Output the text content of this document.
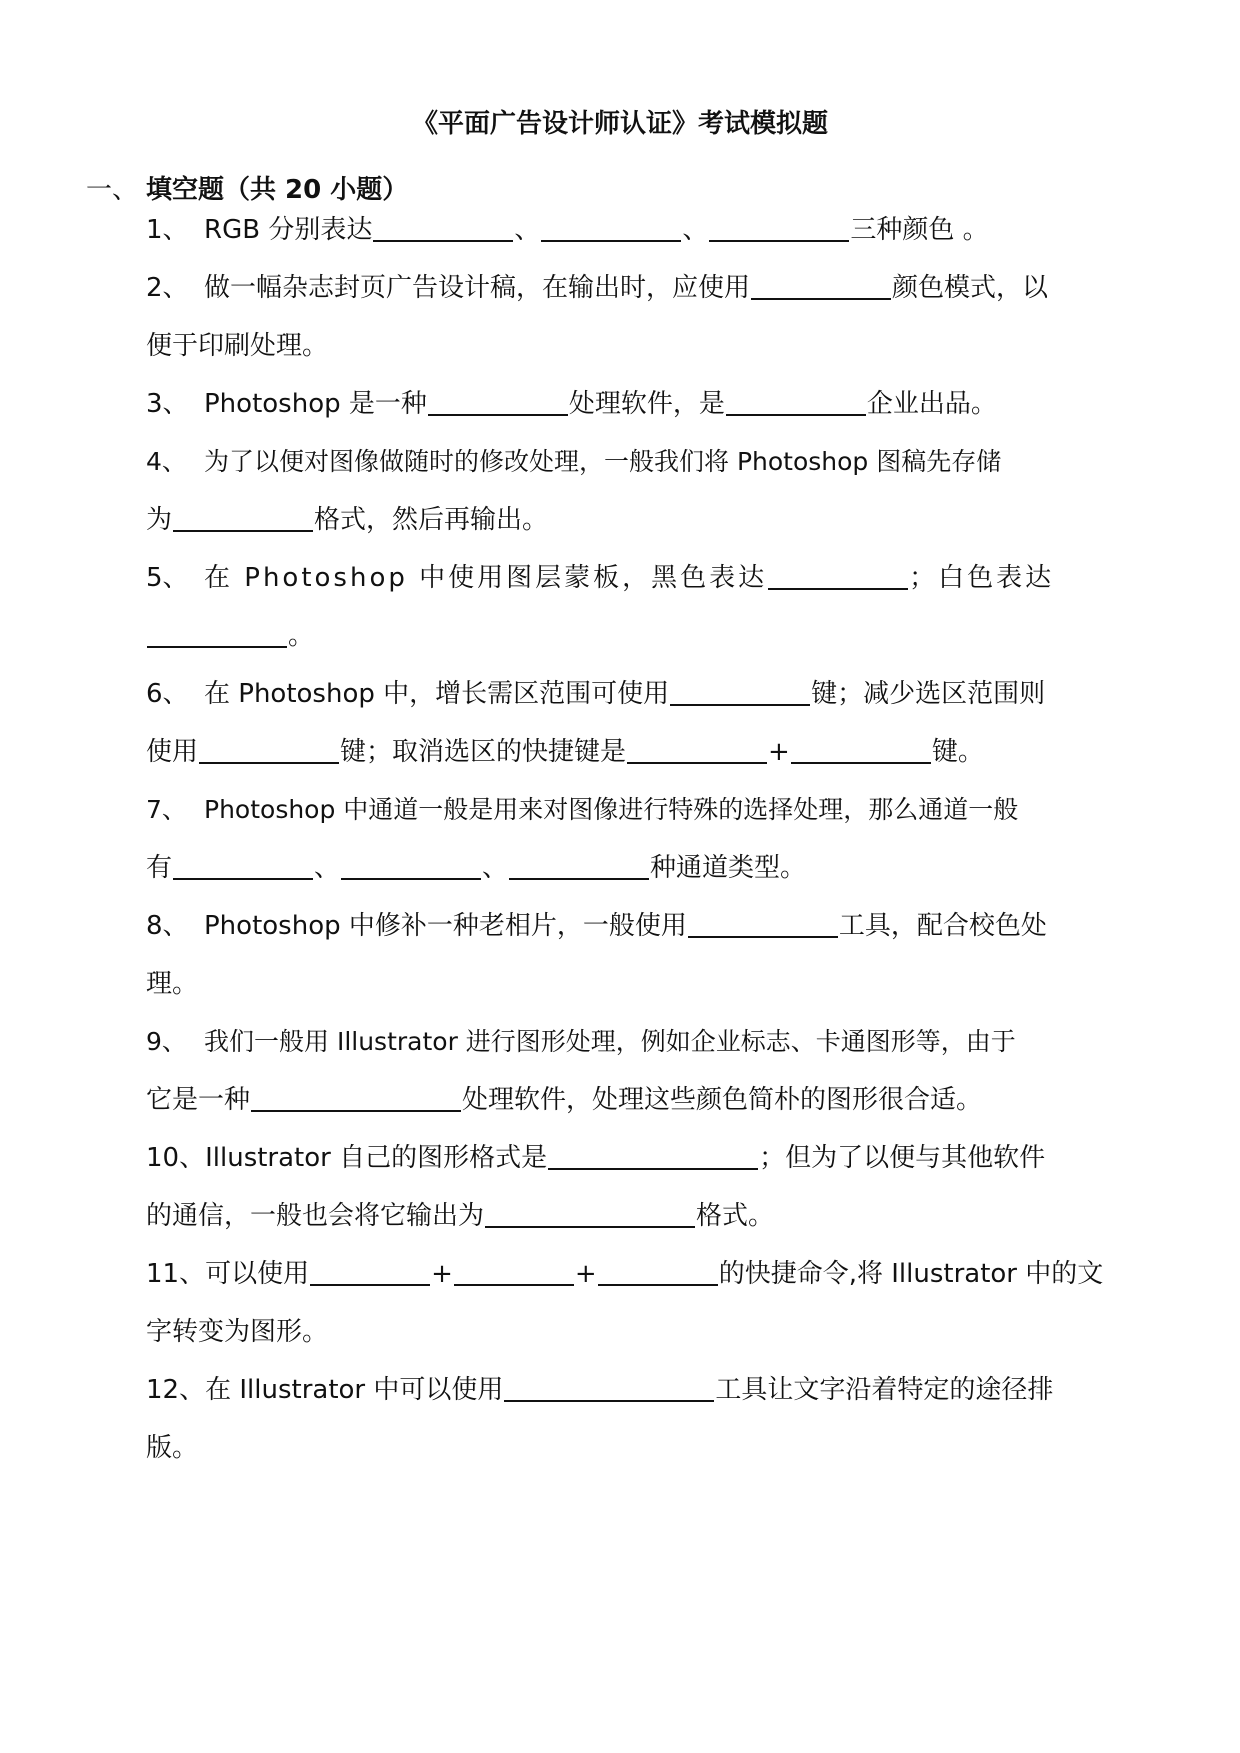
《平面广告设计师认证》考试模拟题
一、 填空题（共 20 小题）
1、 RGB 分别表达	、	、	三种颜色 。
2、 做一幅杂志封页广告设计稿，在输出时，应使用	颜色模式，以
便于印刷处理。
3、 Photoshop 是一种	处理软件，是	企业出品。
4、 为了以便对图像做随时的修改处理，一般我们将 Photoshop 图稿先存储
为	格式，然后再输出。
5、 在 Photoshop 中使用图层蒙板，黑色表达	；白色表达
。
6、 在 Photoshop 中，增长需区范围可使用	键；减少选区范围则
使用	键；取消选区的快捷键是	+	键。
7、 Photoshop 中通道一般是用来对图像进行特殊的选择处理，那么通道一般
有	、	、	种通道类型。
8、 Photoshop 中修补一种老相片，一般使用	工具，配合校色处
理。
9、 我们一般用 Illustrator 进行图形处理，例如企业标志、卡通图形等，由于
它是一种	处理软件，处理这些颜色简朴的图形很合适。
10、Illustrator 自己的图形格式是	；但为了以便与其他软件
的通信，一般也会将它输出为	格式。
11、可以使用	+	+	的快捷命令,将 Illustrator 中的文
字转变为图形。
12、在 Illustrator 中可以使用	工具让文字沿着特定的途径排
版。
